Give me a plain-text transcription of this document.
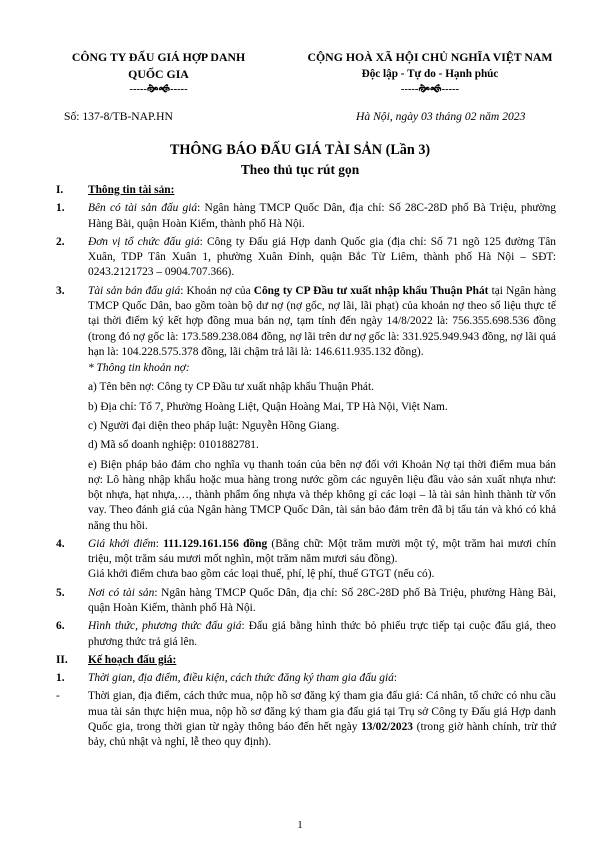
CÔNG TY ĐẤU GIÁ HỢP DANH
QUỐC GIA
-----🙞🙜-----
CỘNG HOÀ XÃ HỘI CHỦ NGHĨA VIỆT NAM
Độc lập - Tự do - Hạnh phúc
-----🙞🙜-----
Số: 137-8/TB-NAP.HN	Hà Nội, ngày 03 tháng 02 năm 2023
THÔNG BÁO ĐẤU GIÁ TÀI SẢN (Lần 3)
Theo thủ tục rút gọn
I.	Thông tin tài sản:
1.	Bên có tài sản đấu giá: Ngân hàng TMCP Quốc Dân, địa chỉ: Số 28C-28D phố Bà Triệu, phường Hàng Bài, quận Hoàn Kiếm, thành phố Hà Nội.
2.	Đơn vị tổ chức đấu giá: Công ty Đấu giá Hợp danh Quốc gia (địa chỉ: Số 71 ngõ 125 đường Tân Xuân, TDP Tân Xuân 1, phường Xuân Đỉnh, quận Bắc Từ Liêm, thành phố Hà Nội – SĐT: 0243.2121723 – 0904.707.366).
3.	Tài sản bán đấu giá: Khoản nợ của Công ty CP Đầu tư xuất nhập khẩu Thuận Phát tại Ngân hàng TMCP Quốc Dân, bao gồm toàn bộ dư nợ (nợ gốc, nợ lãi, lãi phạt) của khoản nợ theo số liệu thực tế tại thời điểm ký kết hợp đồng mua bán nợ, tạm tính đến ngày 14/8/2022 là: 756.355.698.536 đồng (trong đó nợ gốc là: 173.589.238.084 đồng, nợ lãi trên dư nợ gốc là: 331.925.949.943 đồng, nợ lãi quá hạn là: 104.228.575.378 đồng, lãi chậm trả lãi là: 146.611.935.132 đồng).
* Thông tin khoản nợ:
a) Tên bên nợ: Công ty CP Đầu tư xuất nhập khẩu Thuận Phát.
b) Địa chỉ: Tổ 7, Phường Hoàng Liệt, Quận Hoàng Mai, TP Hà Nội, Việt Nam.
c) Người đại diện theo pháp luật: Nguyễn Hồng Giang.
d) Mã số doanh nghiệp: 0101882781.
e) Biện pháp bảo đảm cho nghĩa vụ thanh toán của bên nợ đối với Khoản Nợ tại thời điểm mua bán nợ: Lô hàng nhập khẩu hoặc mua hàng trong nước gồm các nguyên liệu đầu vào sản xuất nhựa như: bột nhựa, hạt nhựa,…, thành phẩm ống nhựa và thép không gỉ các loại – là tài sản hình thành từ vốn vay. Theo đánh giá của Ngân hàng TMCP Quốc Dân, tài sản bảo đảm trên đã bị tẩu tán và khó có khả năng thu hồi.
4.	Giá khởi điểm: 111.129.161.156 đồng (Bằng chữ: Một trăm mười một tỷ, một trăm hai mươi chín triệu, một trăm sáu mươi mốt nghìn, một trăm năm mươi sáu đồng).
Giá khởi điểm chưa bao gồm các loại thuế, phí, lệ phí, thuế GTGT (nếu có).
5.	Nơi có tài sản: Ngân hàng TMCP Quốc Dân, địa chỉ: Số 28C-28D phố Bà Triệu, phường Hàng Bài, quận Hoàn Kiếm, thành phố Hà Nội.
6.	Hình thức, phương thức đấu giá: Đấu giá bằng hình thức bỏ phiếu trực tiếp tại cuộc đấu giá, theo phương thức trả giá lên.
II.	Kế hoạch đấu giá:
1.	Thời gian, địa điểm, điều kiện, cách thức đăng ký tham gia đấu giá:
-	Thời gian, địa điểm, cách thức mua, nộp hồ sơ đăng ký tham gia đấu giá: Cá nhân, tổ chức có nhu cầu mua tài sản thực hiện mua, nộp hồ sơ đăng ký tham gia đấu giá tại Trụ sở Công ty Đấu giá Hợp danh Quốc gia, trong thời gian từ ngày thông báo đến hết ngày 13/02/2023 (trong giờ hành chính, trừ thứ bảy, chủ nhật và nghỉ, lễ theo quy định).
1
